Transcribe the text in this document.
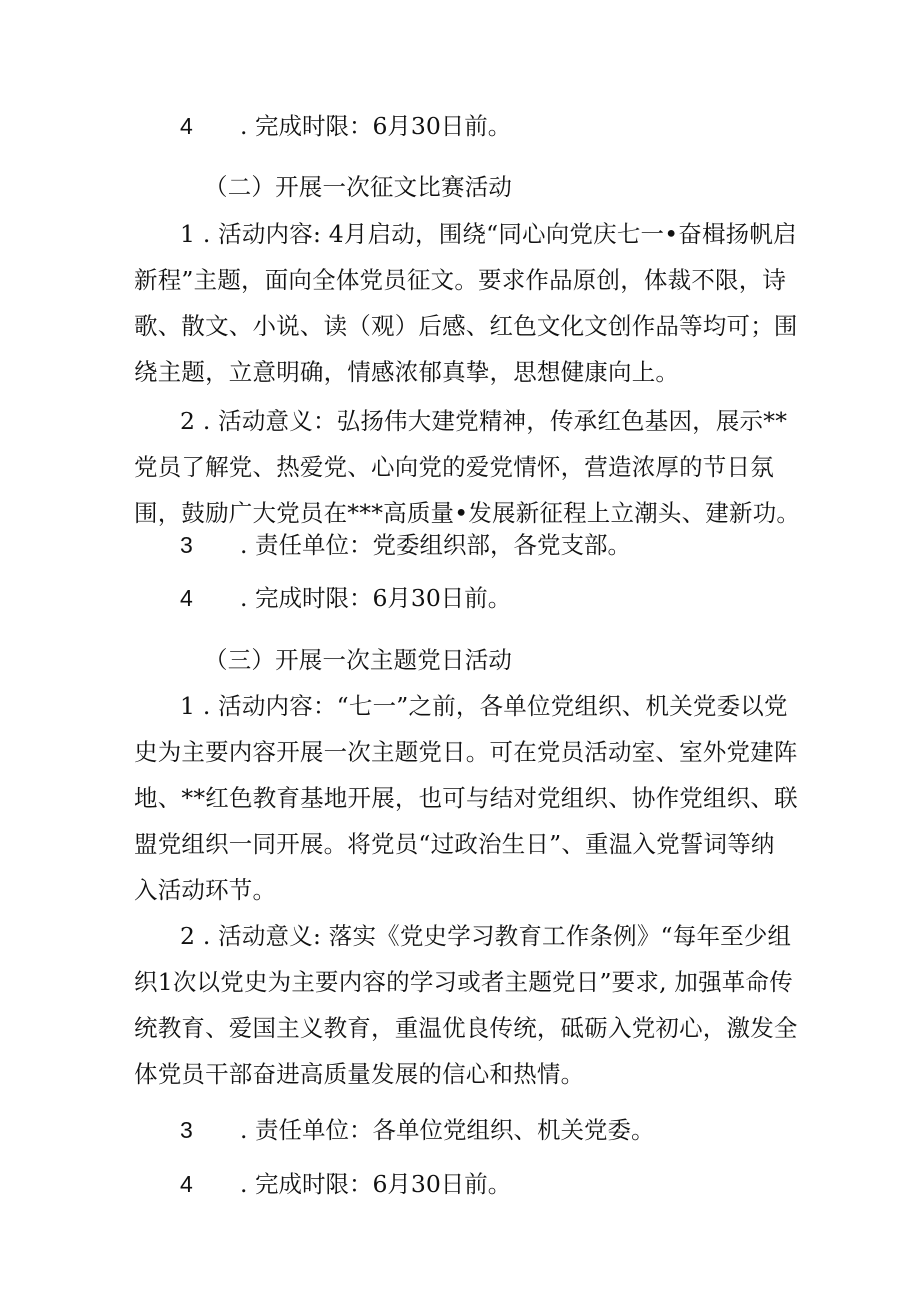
4 . 完成时限：6月30日前。
（二）开展一次征文比赛活动
1 . 活动内容: 4月启动，围绕“同心向党庆七一•奋楫扬帆启
新程”主题，面向全体党员征文。要求作品原创，体裁不限，诗
歌、散文、小说、读（观）后感、红色文化文创作品等均可；围
绕主题，立意明确，情感浓郁真挚，思想健康向上。
2 . 活动意义：弘扬伟大建党精神，传承红色基因，展示**
党员了解党、热爱党、心向党的爱党情怀，营造浓厚的节日氛
围，鼓励广大党员在***高质量•发展新征程上立潮头、建新功。
3 . 责任单位：党委组织部，各党支部。
4 . 完成时限：6月30日前。
（三）开展一次主题党日活动
1 . 活动内容：“七一”之前，各单位党组织、机关党委以党
史为主要内容开展一次主题党日。可在党员活动室、室外党建阵
地、**红色教育基地开展，也可与结对党组织、协作党组织、联
盟党组织一同开展。将党员“过政治生日”、重温入党誓词等纳
入活动环节。
2 . 活动意义: 落实《党史学习教育工作条例》“每年至少组
织1次以党史为主要内容的学习或者主题党日”要求, 加强革命传
统教育、爱国主义教育，重温优良传统，砥砺入党初心，激发全
体党员干部奋进高质量发展的信心和热情。
3 . 责任单位：各单位党组织、机关党委。
4 . 完成时限：6月30日前。
